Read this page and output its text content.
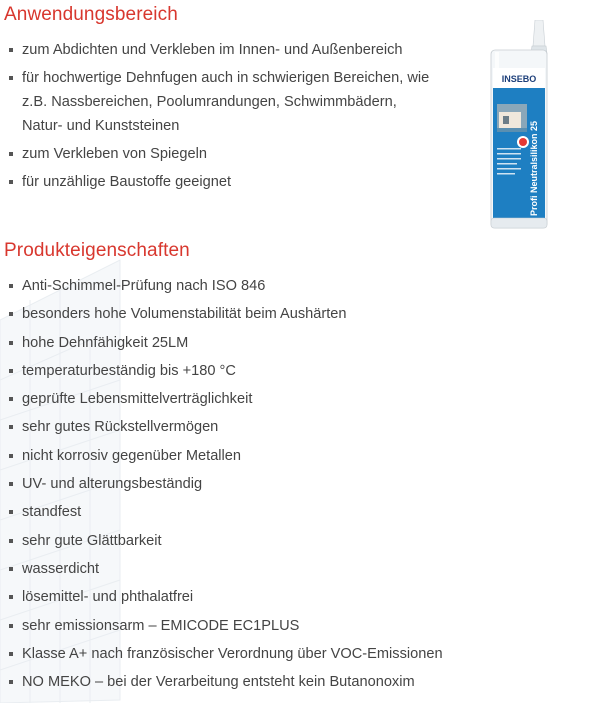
Anwendungsbereich
zum Abdichten und Verkleben im Innen- und Außenbereich
für hochwertige Dehnfugen auch in schwierigen Bereichen, wie z.B. Nassbereichen, Poolumrandungen, Schwimmbädern, Natur- und Kunststeinen
zum Verkleben von Spiegeln
für unzählige Baustoffe geeignet
Produkteigenschaften
Anti-Schimmel-Prüfung nach ISO 846
besonders hohe Volumenstabilität beim Aushärten
hohe Dehnfähigkeit 25LM
temperaturbeständig bis +180 °C
geprüfte Lebensmittelverträglichkeit
sehr gutes Rückstellvermögen
nicht korrosiv gegenüber Metallen
UV- und alterungsbeständig
standfest
sehr gute Glättbarkeit
wasserdicht
lösemittel- und phthalatfrei
sehr emissionsarm – EMICODE EC1PLUS
Klasse A+ nach französischer Verordnung über VOC-Emissionen
NO MEKO – bei der Verarbeitung entsteht kein Butanonoxim
INSEBO
Profi Neutralsilikon 25
